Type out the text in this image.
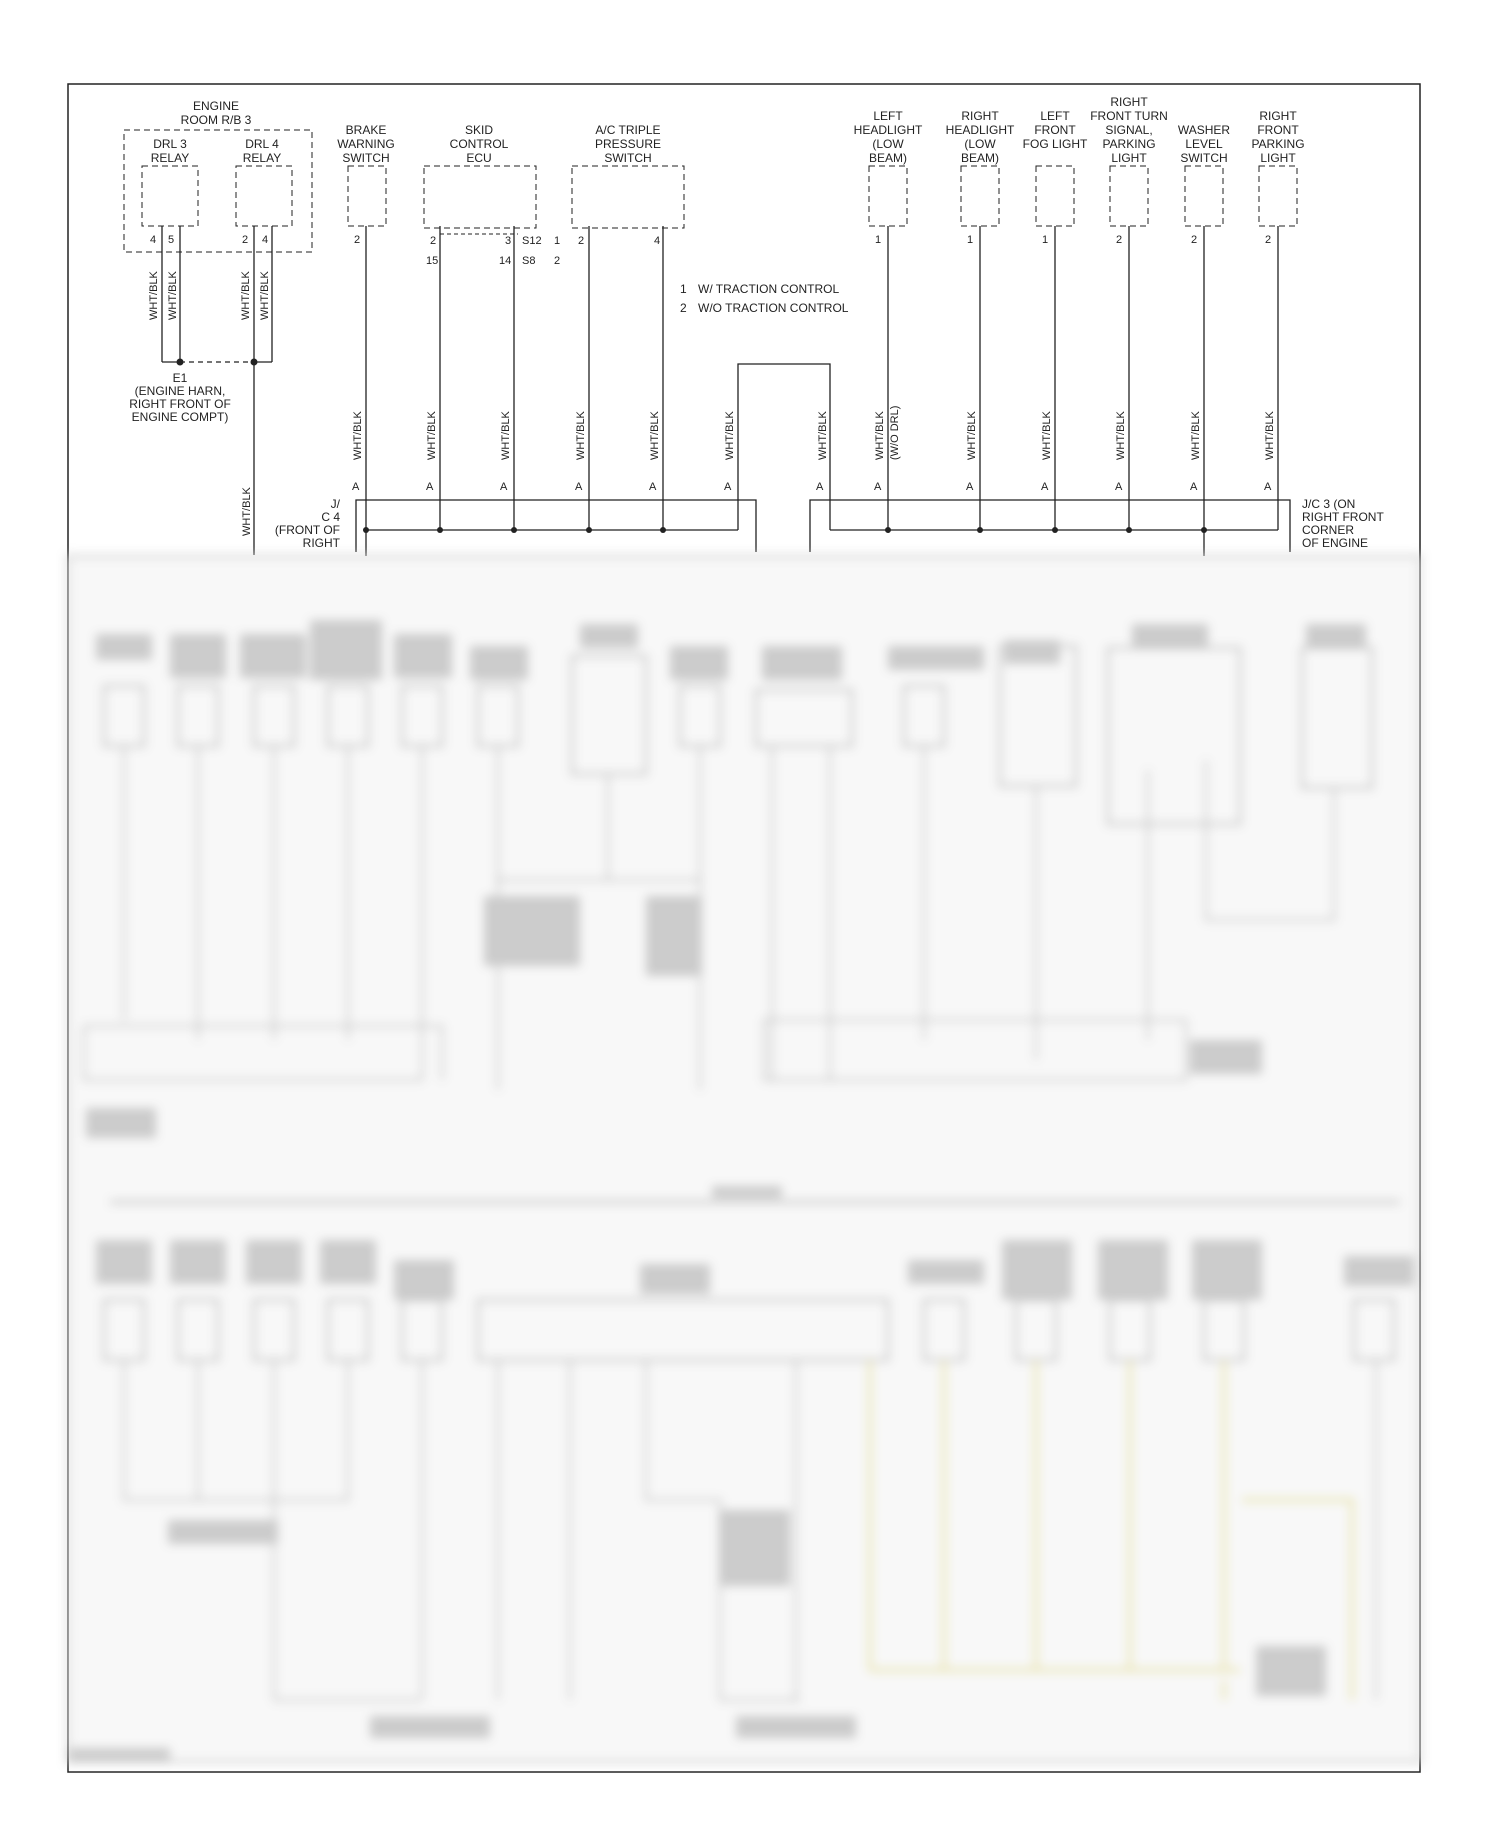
ENGINE
ROOM R/B 3
DRL 3
RELAY
4 5
DRL 4
RELAY
2 4
WHT/BLK WHT/BLK	WHT/BLK WHT/BLK
WHT/BLK
E1
(ENGINE HARN,
RIGHT FRONT OF
ENGINE COMPT)
BRAKE
WARNING
SWITCH
2
SKID
CONTROL
ECU
2	3
15	14
S12
S8
1
2
A/C TRIPLE
PRESSURE
SWITCH
2	4
1 W/ TRACTION CONTROL
2 W/O TRACTION CONTROL
LEFT
HEADLIGHT
(LOW
BEAM)
1
RIGHT
HEADLIGHT
(LOW
BEAM)
1
LEFT
FRONT
FOG LIGHT
1
RIGHT
FRONT TURN
SIGNAL,
PARKING
LIGHT
2
WASHER
LEVEL
SWITCH
2
RIGHT
FRONT
PARKING
LIGHT
2
WHT/BLK	WHT/BLK	WHT/BLK	WHT/BLK	WHT/BLK	WHT/BLK	WHT/BLK	WHT/BLK (W/O DRL)	WHT/BLK	WHT/BLK	WHT/BLK	WHT/BLK	WHT/BLK
A	A	A	A	A	A	A	A	A	A	A	A	A
J/
C 4
(FRONT OF
RIGHT
J/C 3 (ON
RIGHT FRONT
CORNER
OF ENGINE
